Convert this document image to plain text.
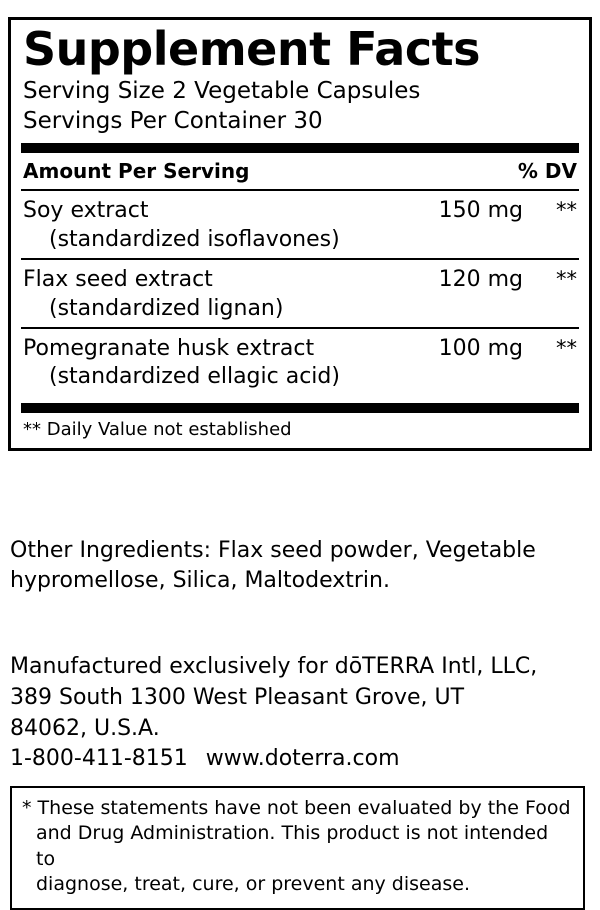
Supplement Facts
Serving Size 2 Vegetable Capsules
Servings Per Container 30
Amount Per Serving	% DV
Soy extract	150 mg	**
(standardized isoflavones)
Flax seed extract	120 mg	**
(standardized lignan)
Pomegranate husk extract	100 mg	**
(standardized ellagic acid)
** Daily Value not established
Other Ingredients: Flax seed powder, Vegetable
hypromellose, Silica, Maltodextrin.
Manufactured exclusively for dōTERRA Intl, LLC,
389 South 1300 West Pleasant Grove, UT
84062, U.S.A.
1-800-411-8151 www.doterra.com
* These statements have not been evaluated by the Food
and Drug Administration. This product is not intended to
diagnose, treat, cure, or prevent any disease.
